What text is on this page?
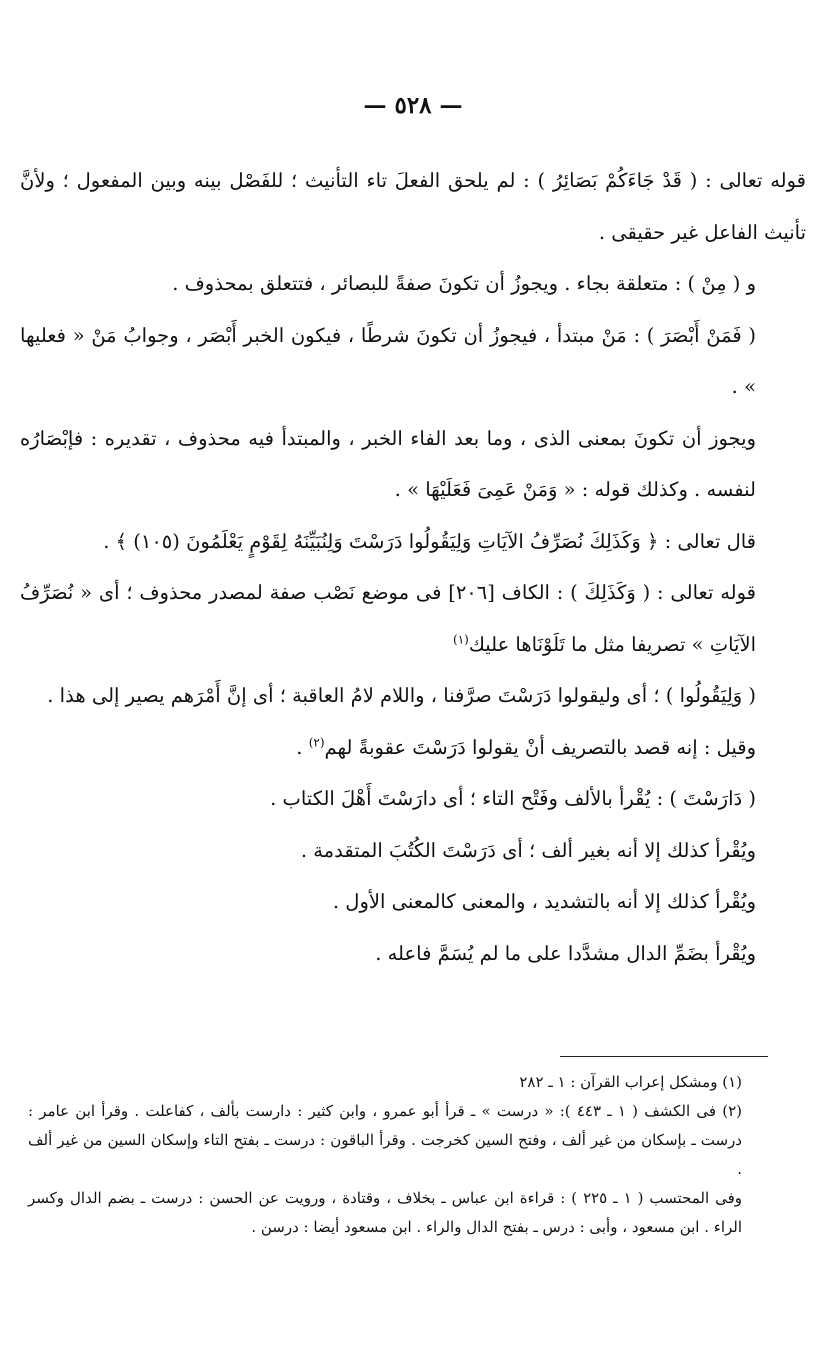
— ٥٢٨ —

قوله تعالى : ( قَدْ جَاءَكُمْ بَصَائِرُ ) : لم يلحق الفعلَ تاء التأنيث ؛ للفَصْل بينه وبين المفعول ؛ ولأنَّ تأنيث الفاعل غير حقيقى .

و ( مِنْ ) : متعلقة بجاء . ويجوزُ أن تكونَ صفةً للبصائر ، فتتعلق بمحذوف .

( فَمَنْ أَبْصَرَ ) : مَنْ مبتدأ ، فيجوزُ أن تكونَ شرطًا ، فيكون الخبر أَبْصَر ، وجوابُ مَنْ « فعليها » .

ويجوز أن تكونَ بمعنى الذى ، وما بعد الفاء الخبر ، والمبتدأ فيه محذوف ، تقديره : فإبْصَارُه لنفسه . وكذلك قوله : « وَمَنْ عَمِىَ فَعَلَيْهَا » .

قال تعالى : ﴿ وَكَذَلِكَ نُصَرِّفُ الآيَاتِ وَلِيَقُولُوا دَرَسْتَ وَلِنُبَيِّنَهُ لِقَوْمٍ يَعْلَمُونَ (١٠٥) ﴾ .

قوله تعالى : ( وَكَذَلِكَ ) : الكاف [٢٠٦] فى موضع نَصْب صفة لمصدر محذوف ؛ أى « نُصَرِّفُ الآيَاتِ » تصريفا مثل ما تَلَوْنَاها عليك$^{(١)}$

( وَلِيَقُولُوا ) ؛ أى وليقولوا دَرَسْتَ صرَّفنا ، واللام لامُ العاقبة ؛ أى إنَّ أَمْرَهم يصير إلى هذا .

وقيل : إنه قصد بالتصريف أنْ يقولوا دَرَسْتَ عقوبةً لهم$^{(٢)}$ .

( دَارَسْتَ ) : يُقْرأ بالألف وفَتْح التاء ؛ أى دارَسْتَ أَهْلَ الكتاب .

ويُقْرأ كذلك إلا أنه بغير ألف ؛ أى دَرَسْتَ الكُتُبَ المتقدمة .

ويُقْرأ كذلك إلا أنه بالتشديد ، والمعنى كالمعنى الأول .

ويُقْرأ بضَمِّ الدال مشدَّدا على ما لم يُسَمَّ فاعله .

(١) ومشكل إعراب القرآن : ١ ـ ٢٨٢

(٢) فى الكشف ( ١ ـ ٤٤٣ ): « درست » ـ قرأ أبو عمرو ، وابن كثير : دارست بألف ، كفاعلت . وقرأ ابن عامر : درست ـ بإسكان من غير ألف ، وفتح السين كخرجت . وقرأ الباقون : درست ـ بفتح التاء وإسكان السين من غير ألف .

وفى المحتسب ( ١ ـ ٢٢٥ ) : قراءة ابن عباس ـ بخلاف ، وقتادة ، ورويت عن الحسن : درست ـ بضم الدال وكسر الراء . ابن مسعود ، وأبى : درس ـ بفتح الدال والراء . ابن مسعود أيضا : درسن .
